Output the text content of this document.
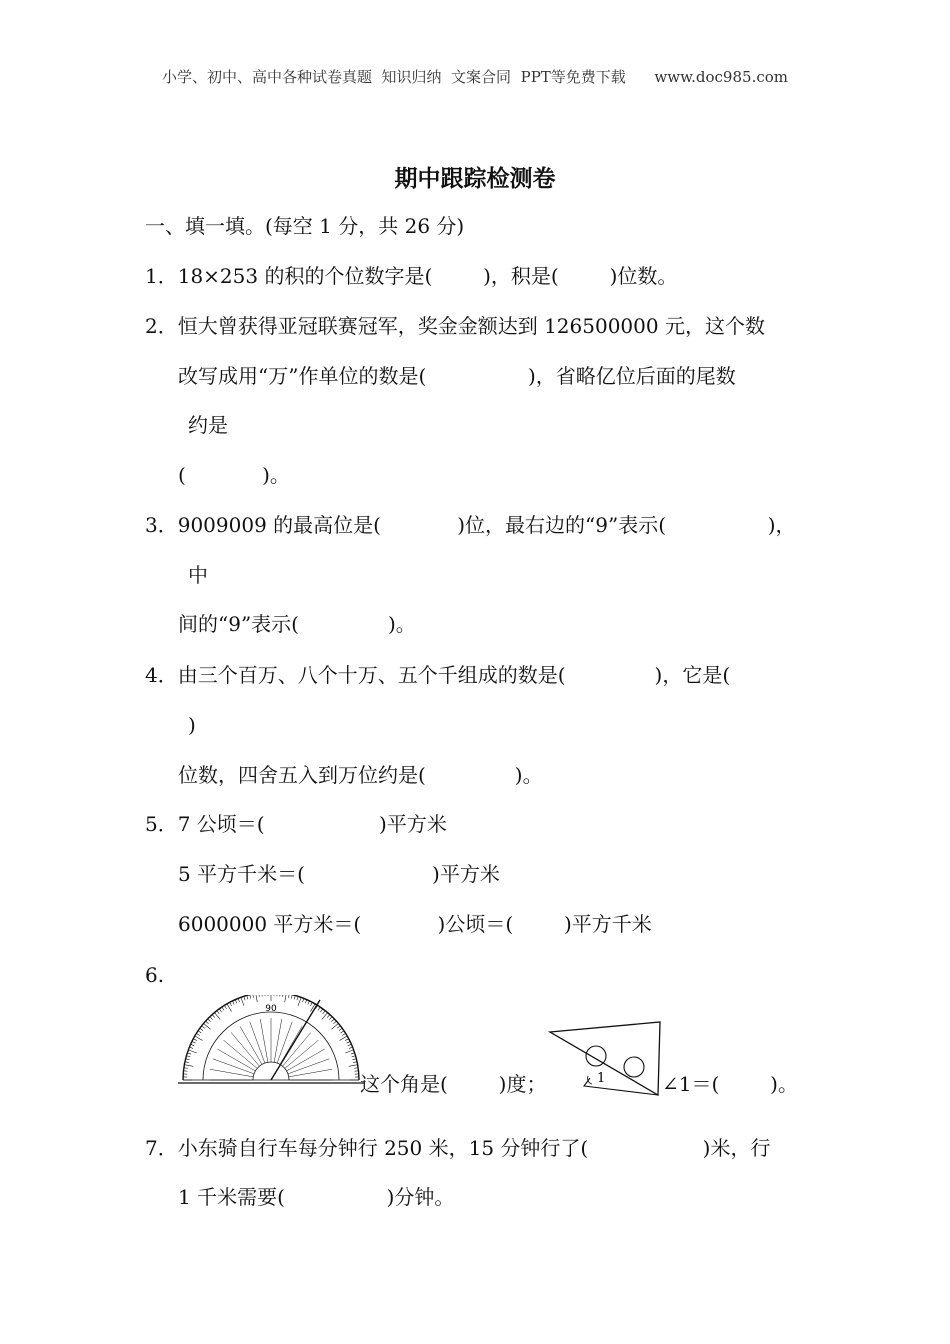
小学、初中、高中各种试卷真题  知识归纳  文案合同  PPT等免费下载      www.doc985.com
期中跟踪检测卷
一、填一填。(每空 1 分，共 26 分)
1．18×253 的积的个位数字是(        )，积是(        )位数。
2．恒大曾获得亚冠联赛冠军，奖金金额达到 126500000 元，这个数
改写成用“万”作单位的数是(                )，省略亿位后面的尾数
约是
(            )。
3．9009009 的最高位是(            )位，最右边的“9”表示(                )，
中
间的“9”表示(              )。
4．由三个百万、八个十万、五个千组成的数是(              )，它是(
)
位数，四舍五入到万位约是(              )。
5．7 公顷＝(                  )平方米
5 平方千米＝(                    )平方米
6000000 平方米＝(            )公顷＝(        )平方千米
6.
90
这个角是(        )度；	1	∠1＝(        )。
7．小东骑自行车每分钟行 250 米，15 分钟行了(                  )米，行
1 千米需要(                )分钟。
